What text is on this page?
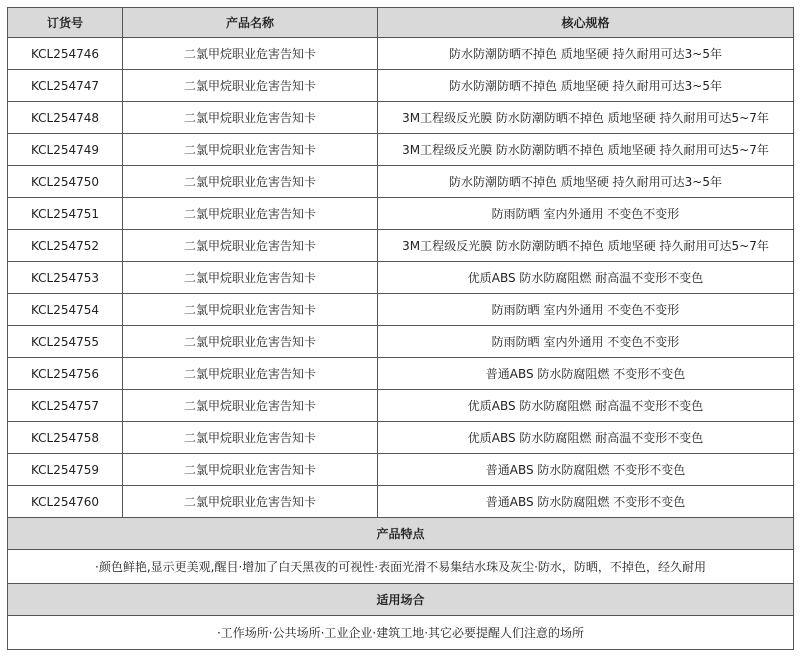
订货号	产品名称	核心规格
KCL254746	二氯甲烷职业危害告知卡	防水防潮防晒不掉色 质地坚硬 持久耐用可达3~5年
KCL254747	二氯甲烷职业危害告知卡	防水防潮防晒不掉色 质地坚硬 持久耐用可达3~5年
KCL254748	二氯甲烷职业危害告知卡	3M工程级反光膜 防水防潮防晒不掉色 质地坚硬 持久耐用可达5~7年
KCL254749	二氯甲烷职业危害告知卡	3M工程级反光膜 防水防潮防晒不掉色 质地坚硬 持久耐用可达5~7年
KCL254750	二氯甲烷职业危害告知卡	防水防潮防晒不掉色 质地坚硬 持久耐用可达3~5年
KCL254751	二氯甲烷职业危害告知卡	防雨防晒 室内外通用 不变色不变形
KCL254752	二氯甲烷职业危害告知卡	3M工程级反光膜 防水防潮防晒不掉色 质地坚硬 持久耐用可达5~7年
KCL254753	二氯甲烷职业危害告知卡	优质ABS 防水防腐阻燃 耐高温不变形不变色
KCL254754	二氯甲烷职业危害告知卡	防雨防晒 室内外通用 不变色不变形
KCL254755	二氯甲烷职业危害告知卡	防雨防晒 室内外通用 不变色不变形
KCL254756	二氯甲烷职业危害告知卡	普通ABS 防水防腐阻燃 不变形不变色
KCL254757	二氯甲烷职业危害告知卡	优质ABS 防水防腐阻燃 耐高温不变形不变色
KCL254758	二氯甲烷职业危害告知卡	优质ABS 防水防腐阻燃 耐高温不变形不变色
KCL254759	二氯甲烷职业危害告知卡	普通ABS 防水防腐阻燃 不变形不变色
KCL254760	二氯甲烷职业危害告知卡	普通ABS 防水防腐阻燃 不变形不变色
产品特点		
·颜色鲜艳,显示更美观,醒目·增加了白天黑夜的可视性·表面光滑不易集结水珠及灰尘·防水，防晒，不掉色，经久耐用		
适用场合		
·工作场所·公共场所·工业企业·建筑工地·其它必要提醒人们注意的场所		
